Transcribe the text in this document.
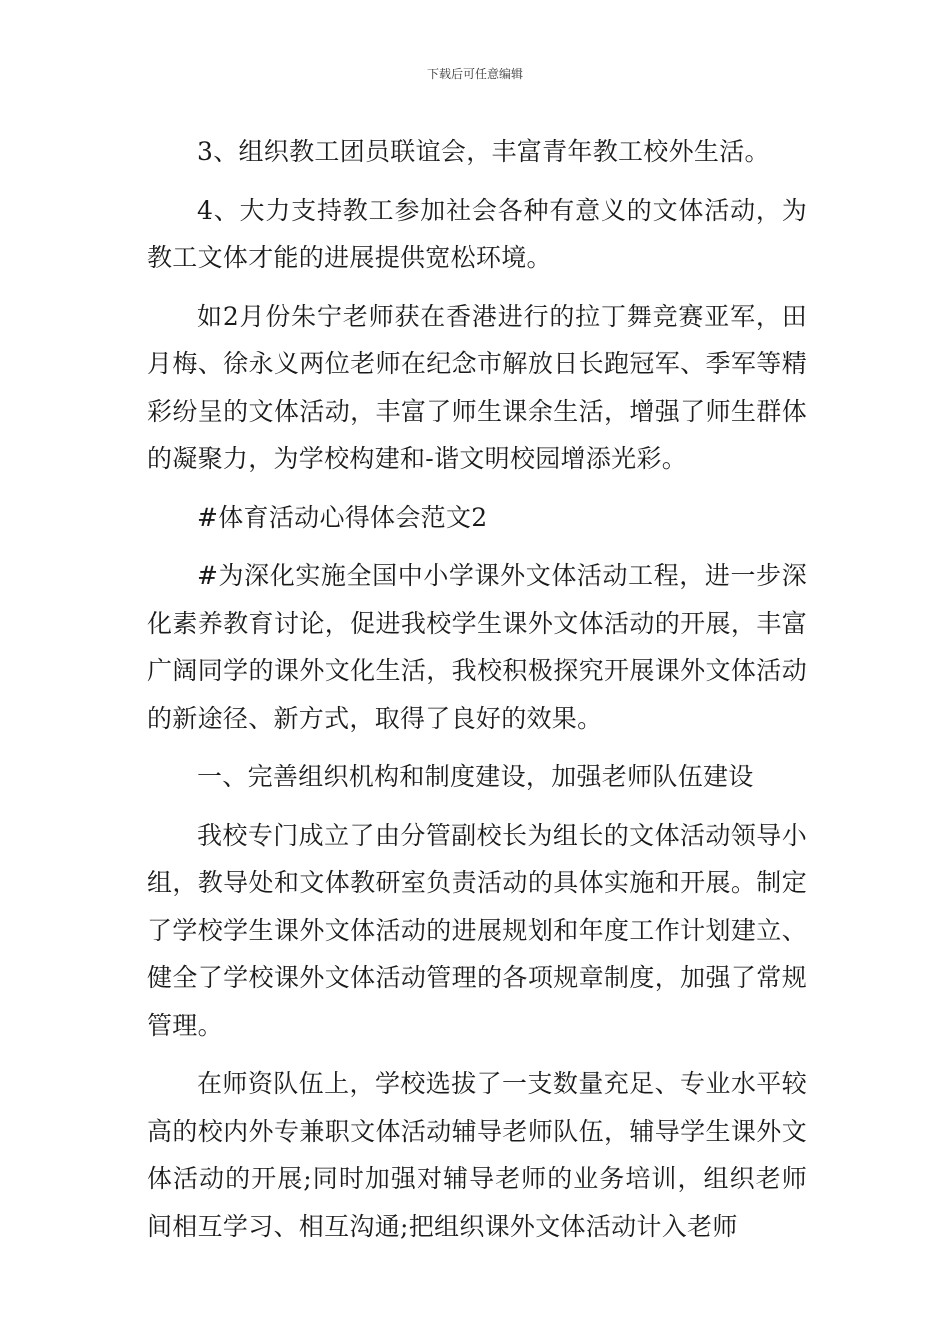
下载后可任意编辑

3、组织教工团员联谊会，丰富青年教工校外生活。

4、大力支持教工参加社会各种有意义的文体活动，为教工文体才能的进展提供宽松环境。

如2月份朱宁老师获在香港进行的拉丁舞竞赛亚军，田月梅、徐永义两位老师在纪念市解放日长跑冠军、季军等精彩纷呈的文体活动，丰富了师生课余生活，增强了师生群体的凝聚力，为学校构建和-谐文明校园增添光彩。

#体育活动心得体会范文2

#为深化实施全国中小学课外文体活动工程，进一步深化素养教育讨论，促进我校学生课外文体活动的开展，丰富广阔同学的课外文化生活，我校积极探究开展课外文体活动的新途径、新方式，取得了良好的效果。

一、完善组织机构和制度建设，加强老师队伍建设

我校专门成立了由分管副校长为组长的文体活动领导小组，教导处和文体教研室负责活动的具体实施和开展。制定了学校学生课外文体活动的进展规划和年度工作计划建立、健全了学校课外文体活动管理的各项规章制度，加强了常规管理。

在师资队伍上，学校选拔了一支数量充足、专业水平较高的校内外专兼职文体活动辅导老师队伍，辅导学生课外文体活动的开展;同时加强对辅导老师的业务培训，组织老师间相互学习、相互沟通;把组织课外文体活动计入老师
